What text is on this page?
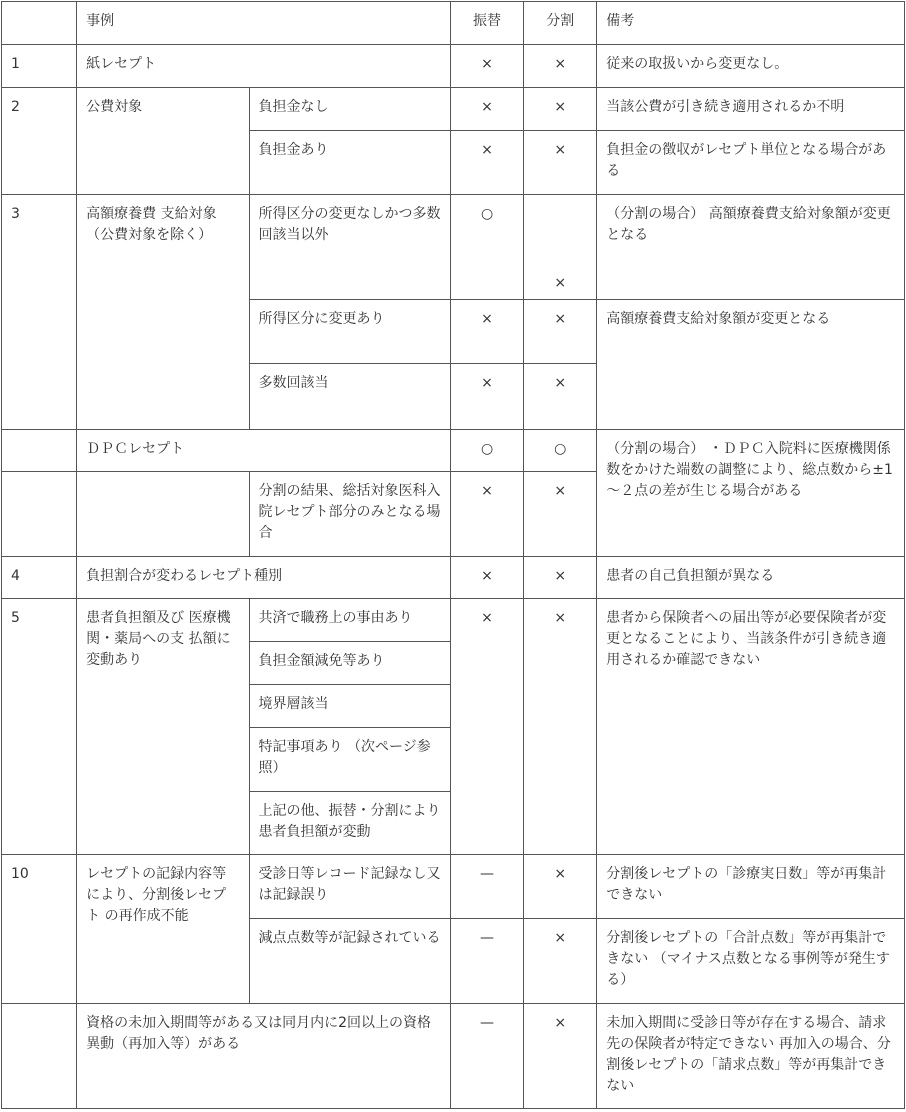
	事例		振替	分割	備考
1	紙レセプト		×	×	従来の取扱いから変更なし。
2	公費対象	負担金なし	×	×	当該公費が引き続き適用されるか不明
		負担金あり	×	×	負担金の徴収がレセプト単位となる場合がある
3	高額療養費 支給対象（公費対象を除く）	所得区分の変更なしかつ多数回該当以外	○	×	（分割の場合） 高額療養費支給対象額が変更となる
		所得区分に変更あり	×	×	高額療養費支給対象額が変更となる
		多数回該当	×	×	
	ＤＰＣレセプト		○	○	（分割の場合） ・ＤＰＣ入院料に医療機関係数をかけた端数の調整により、総点数から±1～２点の差が生じる場合がある
		分割の結果、総括対象医科入院レセプト部分のみとなる場合	×	×	
4	負担割合が変わるレセプト種別		×	×	患者の自己負担額が異なる
5	患者負担額及び 医療機関・薬局への支 払額に 変動あり	共済で職務上の事由あり	×	×	患者から保険者への届出等が必要保険者が変更となることにより、当該条件が引き続き適用されるか確認できない
		負担金額減免等あり			
		境界層該当			
		特記事項あり （次ページ参照）			
		上記の他、振替・分割により患者負担額が変動			
10	レセプトの記録内容等 により、分割後レセプト の再作成不能	受診日等レコード記録なし又は記録誤り	—	×	分割後レセプトの「診療実日数」等が再集計できない
		減点点数等が記録されている	—	×	分割後レセプトの「合計点数」等が再集計できない （マイナス点数となる事例等が発生する）
	資格の未加入期間等がある又は同月内に2回以上の資格異動（再加入等）がある		—	×	未加入期間に受診日等が存在する場合、請求先の保険者が特定できない 再加入の場合、分割後レセプトの「請求点数」等が再集計できない
